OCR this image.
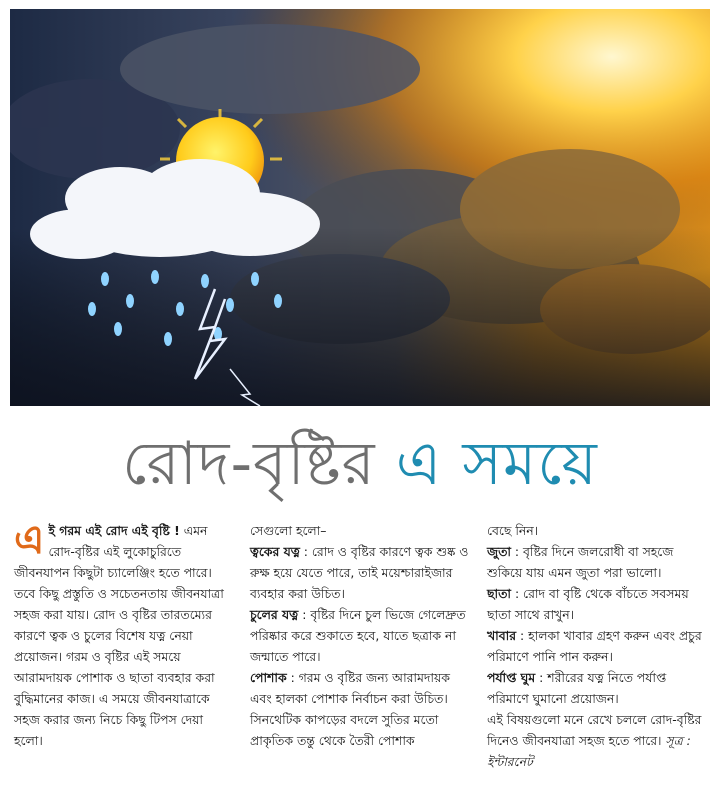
রোদ-বৃষ্টির এ সময়ে

এই গরম এই রোদ এই বৃষ্টি ! এমন রোদ-বৃষ্টির এই লুকোচুরিতে জীবনযাপন কিছুটা চ্যালেঞ্জিং হতে পারে। তবে কিছু প্রস্তুতি ও সচেতনতায় জীবনযাত্রা সহজ করা যায়। রোদ ও বৃষ্টির তারতম্যের কারণে ত্বক ও চুলের বিশেষ যত্ন নেয়া প্রয়োজন। গরম ও বৃষ্টির এই সময়ে আরামদায়ক পোশাক ও ছাতা ব্যবহার করা বুদ্ধিমানের কাজ। এ সময়ে জীবনযাত্রাকে সহজ করার জন্য নিচে কিছু টিপস দেয়া হলো।

সেগুলো হলো–

ত্বকের যত্ন : রোদ ও বৃষ্টির কারণে ত্বক শুষ্ক ও রুক্ষ হয়ে যেতে পারে, তাই ময়েশ্চারাইজার ব্যবহার করা উচিত।

চুলের যত্ন : বৃষ্টির দিনে চুল ভিজে গেলেদ্রুত পরিষ্কার করে শুকাতে হবে, যাতে ছত্রাক না জন্মাতে পারে।

পোশাক : গরম ও বৃষ্টির জন্য আরামদায়ক এবং হালকা পোশাক নির্বাচন করা উচিত। সিনথেটিক কাপড়ের বদলে সুতির মতো প্রাকৃতিক তন্তু থেকে তৈরী পোশাক

বেছে নিন।

জুতা : বৃষ্টির দিনে জলরোধী বা সহজে শুকিয়ে যায় এমন জুতা পরা ভালো।

ছাতা : রোদ বা বৃষ্টি থেকে বাঁচতে সবসময় ছাতা সাথে রাখুন।

খাবার : হালকা খাবার গ্রহণ করুন এবং প্রচুর পরিমাণে পানি পান করুন।

পর্যাপ্ত ঘুম : শরীরের যত্ন নিতে পর্যাপ্ত পরিমাণে ঘুমানো প্রয়োজন।

এই বিষয়গুলো মনে রেখে চললে রোদ-বৃষ্টির দিনেও জীবনযাত্রা সহজ হতে পারে। সূত্র : ইন্টারনেট
